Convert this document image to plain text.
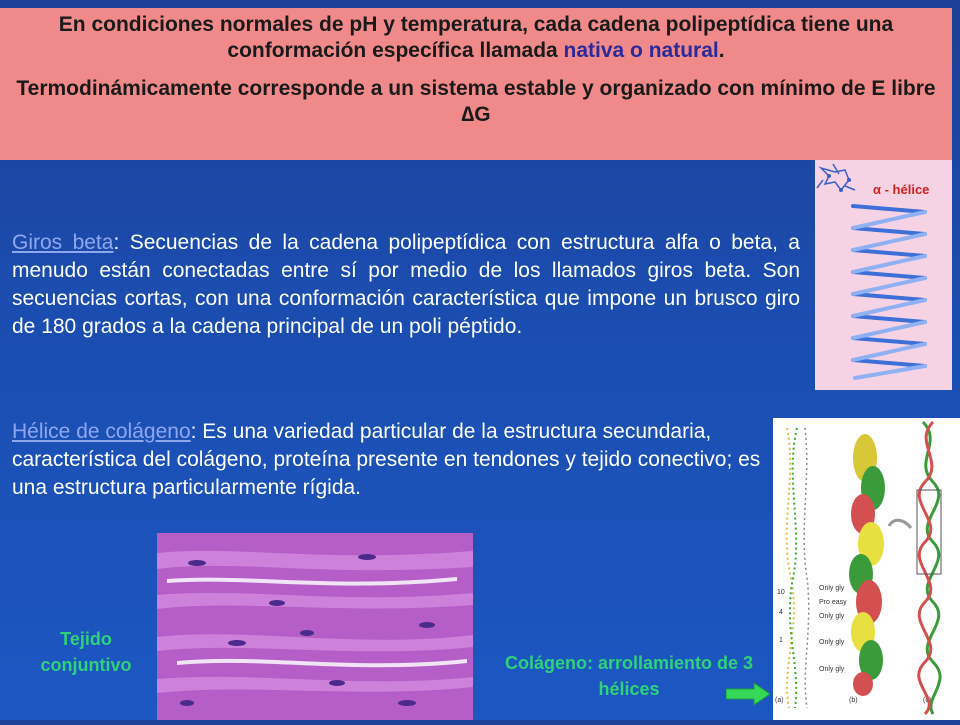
En condiciones normales de pH y temperatura, cada cadena polipeptídica tiene una conformación específica llamada nativa o natural.

Termodinámicamente corresponde a un sistema estable y organizado con mínimo de E libre ∆G

α - hélice
Giros beta: Secuencias de la cadena polipeptídica con estructura alfa o beta, a menudo están conectadas entre sí por medio de los llamados giros beta. Son secuencias cortas, con una conformación característica que impone un brusco giro de 180 grados a la cadena principal de un poli péptido.
Hélice de colágeno: Es una variedad particular de la estructura secundaria, característica del colágeno, proteína presente en tendones y tejido conectivo; es una estructura particularmente rígida.
Tejido conjuntivo	Colágeno: arrollamiento de 3 hélices
Only gly
Pro easy
Only gly
Only gly
Only gly
10
4
1
(a)	(b)	(c)
